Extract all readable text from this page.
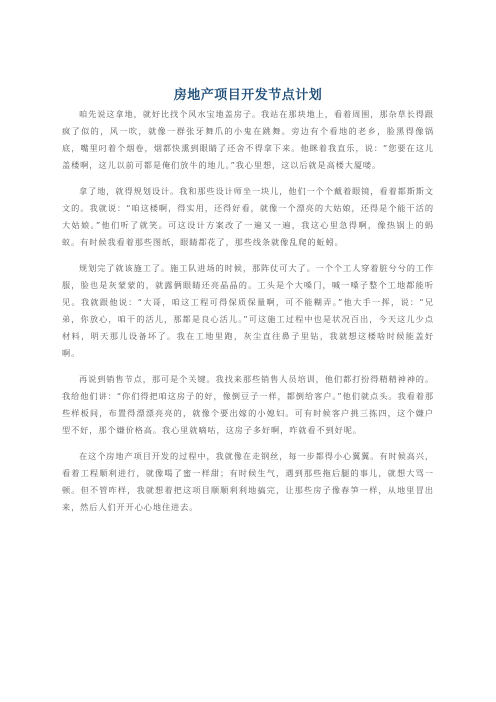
房地产项目开发节点计划

咱先说这拿地，就好比找个风水宝地盖房子。我站在那块地上，看着周围，那杂草长得跟疯了似的，风一吹，就像一群张牙舞爪的小鬼在跳舞。旁边有个看地的老乡，脸黑得像锅底，嘴里叼着个烟卷，烟都快熏到眼睛了还舍不得拿下来。他眯着我直乐，说：“您要在这儿盖楼啊，这儿以前可都是俺们放牛的地儿。”我心里想，这以后就是高楼大厦喽。

拿了地，就得规划设计。我和那些设计师坐一块儿，他们一个个戴着眼镜，看着都斯斯文文的。我就说：“咱这楼啊，得实用，还得好看，就像一个漂亮的大姑娘，还得是个能干活的大姑娘。”他们听了就笑。可这设计方案改了一遍又一遍，我这心里急得啊，像热锅上的蚂蚁。有时候我看着那些图纸，眼睛都花了，那些线条就像乱爬的蚯蚓。

规划完了就该施工了。施工队进场的时候，那阵仗可大了。一个个工人穿着脏兮兮的工作服，脸也是灰蒙蒙的，就露俩眼睛还亮晶晶的。工头是个大嗓门，喊一嗓子整个工地都能听见。我就跟他说：“大哥，咱这工程可得保质保量啊，可不能糊弄。”他大手一挥，说：“兄弟，你放心，咱干的活儿，那都是良心活儿。”可这施工过程中也是状况百出，今天这儿少点材料，明天那儿设备坏了。我在工地里跑，灰尘直往鼻子里钻，我就想这楼啥时候能盖好啊。

再说到销售节点，那可是个关键。我找来那些销售人员培训，他们都打扮得精精神神的。我给他们讲：“你们得把咱这房子的好，像倒豆子一样，都倒给客户。”他们就点头。我看着那些样板间，布置得漂漂亮亮的，就像个要出嫁的小媳妇。可有时候客户挑三拣四，这个嫌户型不好，那个嫌价格高。我心里就嘀咕，这房子多好啊，咋就看不到好呢。

在这个房地产项目开发的过程中，我就像在走钢丝，每一步都得小心翼翼。有时候高兴，看着工程顺利进行，就像喝了蜜一样甜；有时候生气，遇到那些拖后腿的事儿，就想大骂一顿。但不管咋样，我就想着把这项目顺顺利利地搞完，让那些房子像春笋一样，从地里冒出来，然后人们开开心心地住进去。
